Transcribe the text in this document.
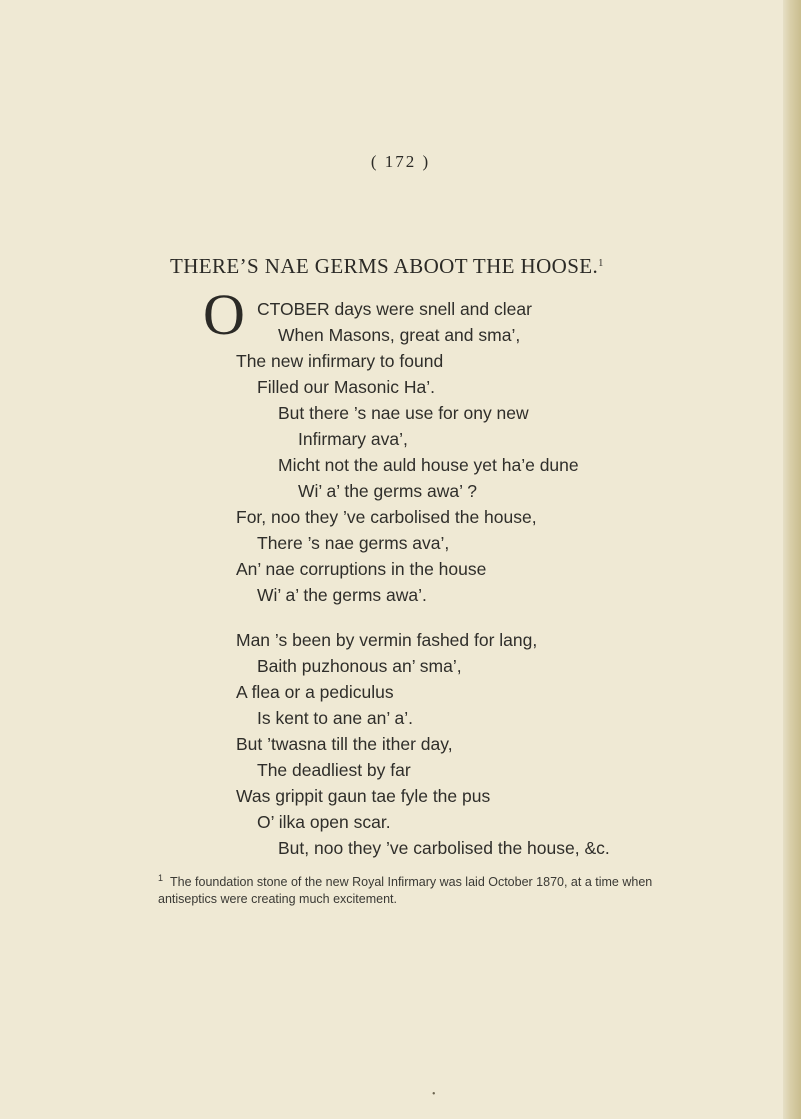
( 172 )
THERE’S NAE GERMS ABOOT THE HOOSE.$^1$
O CTOBER days were snell and clear
When Masons, great and sma’,
The new infirmary to found
Filled our Masonic Ha’.
But there ’s nae use for ony new
Infirmary ava’,
Micht not the auld house yet ha’e dune
Wi’ a’ the germs awa’ ?
For, noo they ’ve carbolised the house,
There ’s nae germs ava’,
An’ nae corruptions in the house
Wi’ a’ the germs awa’.
Man ’s been by vermin fashed for lang,
Baith puzhonous an’ sma’,
A flea or a pediculus
Is kent to ane an’ a’.
But ’twasna till the ither day,
The deadliest by far
Was grippit gaun tae fyle the pus
O’ ilka open scar.
But, noo they ’ve carbolised the house, &c.
$^1$ The foundation stone of the new Royal Infirmary was laid October 1870, at a time when antiseptics were creating much excitement.
•
